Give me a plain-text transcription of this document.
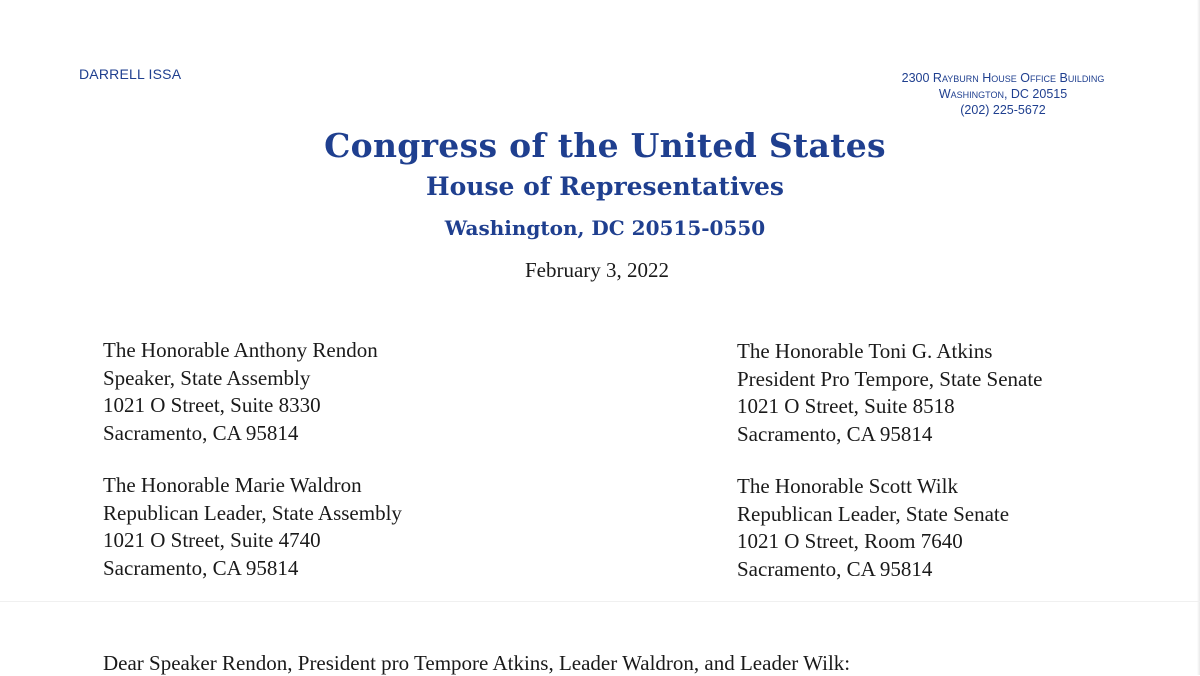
DARRELL ISSA	2300 Rayburn House Office Building
Washington, DC 20515
(202) 225-5672
Congress of the United States
House of Representatives
Washington, DC 20515-0550
February 3, 2022
The Honorable Anthony Rendon
Speaker, State Assembly
1021 O Street, Suite 8330
Sacramento, CA 95814
The Honorable Toni G. Atkins
President Pro Tempore, State Senate
1021 O Street, Suite 8518
Sacramento, CA 95814
The Honorable Marie Waldron
Republican Leader, State Assembly
1021 O Street, Suite 4740
Sacramento, CA 95814
The Honorable Scott Wilk
Republican Leader, State Senate
1021 O Street, Room 7640
Sacramento, CA 95814
Dear Speaker Rendon, President pro Tempore Atkins, Leader Waldron, and Leader Wilk:
